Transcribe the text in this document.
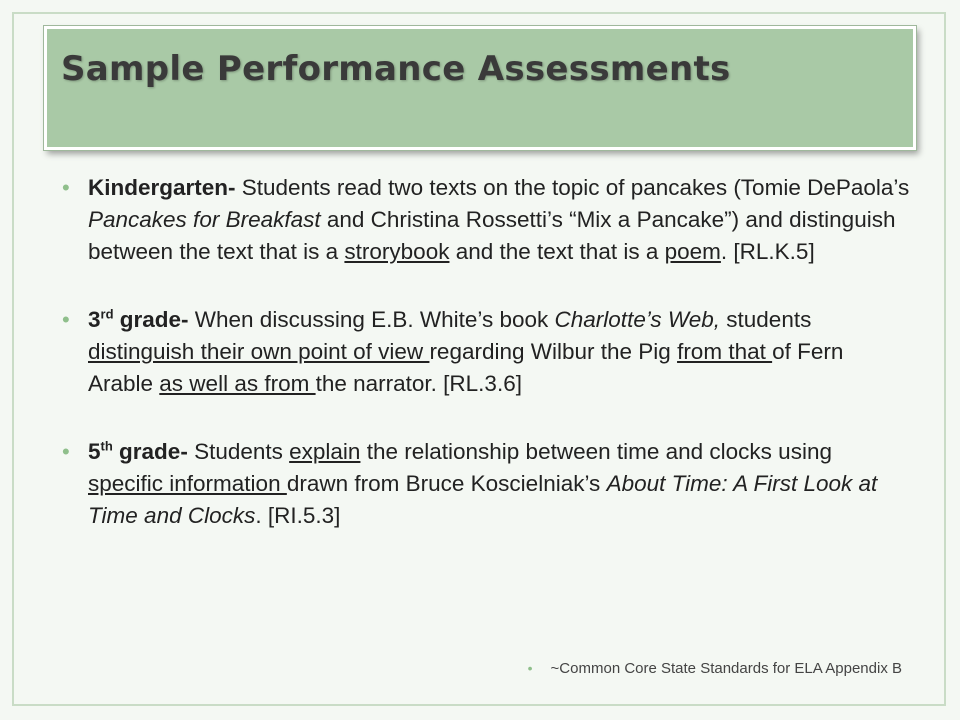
Sample Performance Assessments
• Kindergarten- Students read two texts on the topic of pancakes (Tomie DePaola’s Pancakes for Breakfast and Christina Rossetti’s “Mix a Pancake”) and distinguish between the text that is a strorybook and the text that is a poem. [RL.K.5]
• 3rd grade- When discussing E.B. White’s book Charlotte’s Web, students distinguish their own point of view regarding Wilbur the Pig from that of Fern Arable as well as from the narrator. [RL.3.6]
• 5th grade- Students explain the relationship between time and clocks using specific information drawn from Bruce Koscielniak’s About Time: A First Look at Time and Clocks. [RI.5.3]
• ~Common Core State Standards for ELA Appendix B
